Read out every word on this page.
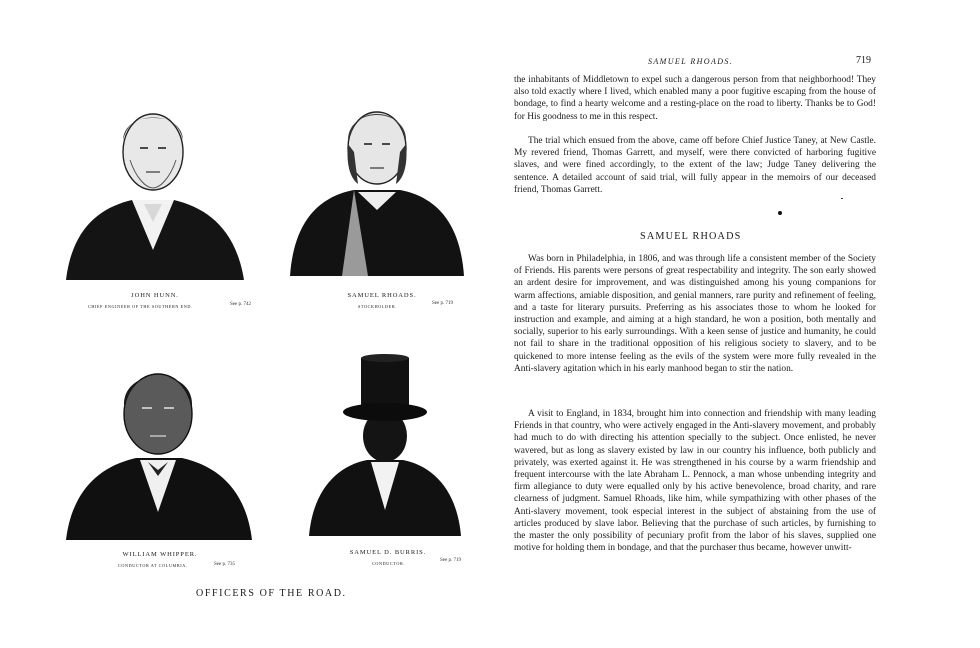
JOHN HUNN.
CHIEF ENGINEER OF THE SOUTHERN END.	See p. 742
SAMUEL RHOADS.
STOCKHOLDER.
See p. 719
WILLIAM WHIPPER.
CONDUCTOR AT COLUMBIA.	See p. 735
SAMUEL D. BURRIS.
CONDUCTOR.
See p. 719
OFFICERS OF THE ROAD.
SAMUEL RHOADS.	719

the inhabitants of Middletown to expel such a dangerous person from that neighborhood! They also told exactly where I lived, which enabled many a poor fugitive escaping from the house of bondage, to find a hearty welcome and a resting-place on the road to liberty. Thanks be to God! for His goodness to me in this respect.

The trial which ensued from the above, came off before Chief Justice Taney, at New Castle. My revered friend, Thomas Garrett, and myself, were there convicted of harboring fugitive slaves, and were fined accordingly, to the extent of the law; Judge Taney delivering the sentence. A detailed account of said trial, will fully appear in the memoirs of our deceased friend, Thomas Garrett.

SAMUEL RHOADS

Was born in Philadelphia, in 1806, and was through life a consistent member of the Society of Friends. His parents were persons of great respectability and integrity. The son early showed an ardent desire for improvement, and was distinguished among his young companions for warm affections, amiable disposition, and genial manners, rare purity and refinement of feeling, and a taste for literary pursuits. Preferring as his associates those to whom he looked for instruction and example, and aiming at a high standard, he won a position, both mentally and socially, superior to his early surroundings. With a keen sense of justice and humanity, he could not fail to share in the traditional opposition of his religious society to slavery, and to be quickened to more intense feeling as the evils of the system were more fully revealed in the Anti-slavery agitation which in his early manhood began to stir the nation.

A visit to England, in 1834, brought him into connection and friendship with many leading Friends in that country, who were actively engaged in the Anti-slavery movement, and probably had much to do with directing his attention specially to the subject. Once enlisted, he never wavered, but as long as slavery existed by law in our country his influence, both publicly and privately, was exerted against it. He was strengthened in his course by a warm friendship and frequent intercourse with the late Abraham L. Pennock, a man whose unbending integrity and firm allegiance to duty were equalled only by his active benevolence, broad charity, and rare clearness of judgment. Samuel Rhoads, like him, while sympathizing with other phases of the Anti-slavery movement, took especial interest in the subject of abstaining from the use of articles produced by slave labor. Believing that the purchase of such articles, by furnishing to the master the only possibility of pecuniary profit from the labor of his slaves, supplied one motive for holding them in bondage, and that the purchaser thus became, however unwitt-
